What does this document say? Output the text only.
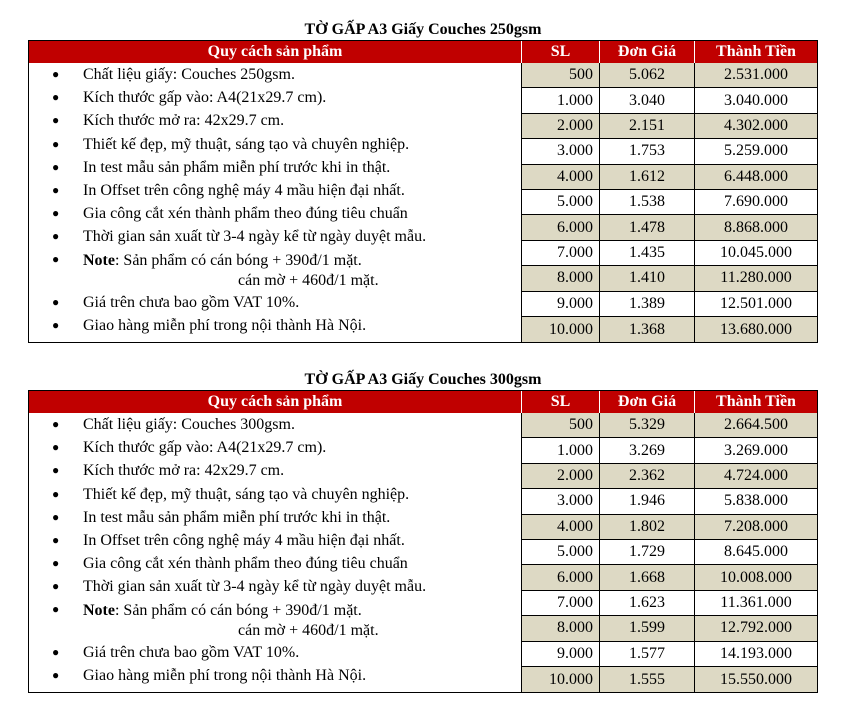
TỜ GẤP A3 Giấy Couches 250gsm
Quy cách sản phẩm	SL	Đơn Giá	Thành Tiền
● Chất liệu giấy: Couches 250gsm.
● Kích thước gấp vào: A4(21x29.7 cm).
● Kích thước mở ra: 42x29.7 cm.
● Thiết kế đẹp, mỹ thuật, sáng tạo và chuyên nghiệp.
● In test mẫu sản phẩm miễn phí trước khi in thật.
● In Offset trên công nghệ máy 4 mầu hiện đại nhất.
● Gia công cắt xén thành phẩm theo đúng tiêu chuẩn
● Thời gian sản xuất từ 3-4 ngày kể từ ngày duyệt mẫu.
● Note: Sản phẩm có cán bóng + 390đ/1 mặt.
cán mờ + 460đ/1 mặt.
● Giá trên chưa bao gồm VAT 10%.
● Giao hàng miễn phí trong nội thành Hà Nội.
500	5.062	2.531.000
1.000	3.040	3.040.000
2.000	2.151	4.302.000
3.000	1.753	5.259.000
4.000	1.612	6.448.000
5.000	1.538	7.690.000
6.000	1.478	8.868.000
7.000	1.435	10.045.000
8.000	1.410	11.280.000
9.000	1.389	12.501.000
10.000	1.368	13.680.000
TỜ GẤP A3 Giấy Couches 300gsm
Quy cách sản phẩm	SL	Đơn Giá	Thành Tiền
● Chất liệu giấy: Couches 300gsm.
● Kích thước gấp vào: A4(21x29.7 cm).
● Kích thước mở ra: 42x29.7 cm.
● Thiết kế đẹp, mỹ thuật, sáng tạo và chuyên nghiệp.
● In test mẫu sản phẩm miễn phí trước khi in thật.
● In Offset trên công nghệ máy 4 mầu hiện đại nhất.
● Gia công cắt xén thành phẩm theo đúng tiêu chuẩn
● Thời gian sản xuất từ 3-4 ngày kể từ ngày duyệt mẫu.
● Note: Sản phẩm có cán bóng + 390đ/1 mặt.
cán mờ + 460đ/1 mặt.
● Giá trên chưa bao gồm VAT 10%.
● Giao hàng miễn phí trong nội thành Hà Nội.
500	5.329	2.664.500
1.000	3.269	3.269.000
2.000	2.362	4.724.000
3.000	1.946	5.838.000
4.000	1.802	7.208.000
5.000	1.729	8.645.000
6.000	1.668	10.008.000
7.000	1.623	11.361.000
8.000	1.599	12.792.000
9.000	1.577	14.193.000
10.000	1.555	15.550.000
